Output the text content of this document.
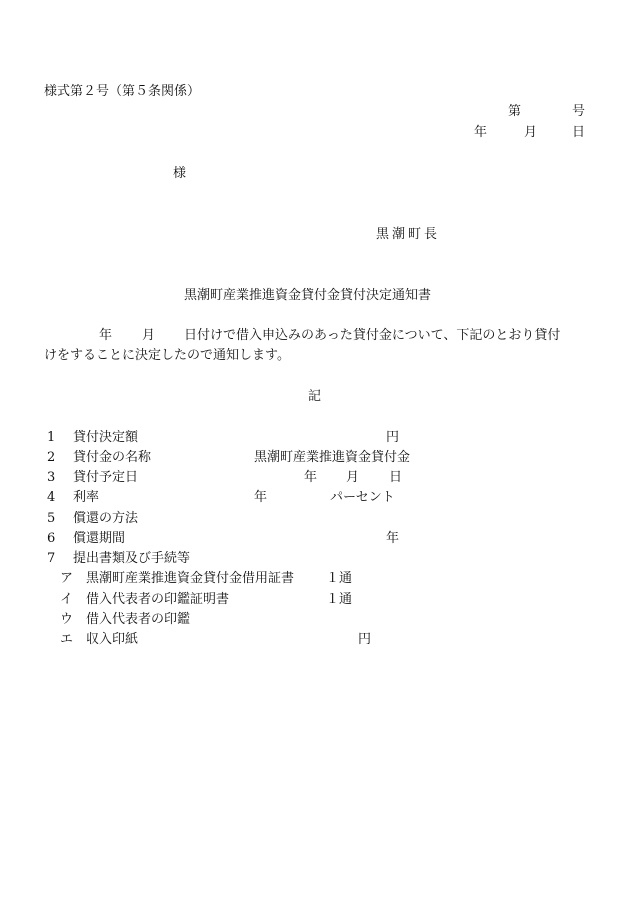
様式第２号（第５条関係）
第	号
年	月	日
様
黒潮町長
黒潮町産業推進資金貸付金貸付決定通知書
年 月 日付けで借入申込みのあった貸付金について、下記のとおり貸付
けをすることに決定したので通知します。
記
1 貸付決定額	円
2 貸付金の名称	黒潮町産業推進資金貸付金
3 貸付予定日	年 月 日
4 利率	年	パーセント
5 償還の方法
6 償還期間	年
7 提出書類及び手続等
ア 黒潮町産業推進資金貸付金借用証書 １通
イ 借入代表者の印鑑証明書	１通
ウ 借入代表者の印鑑
エ 収入印紙	円
